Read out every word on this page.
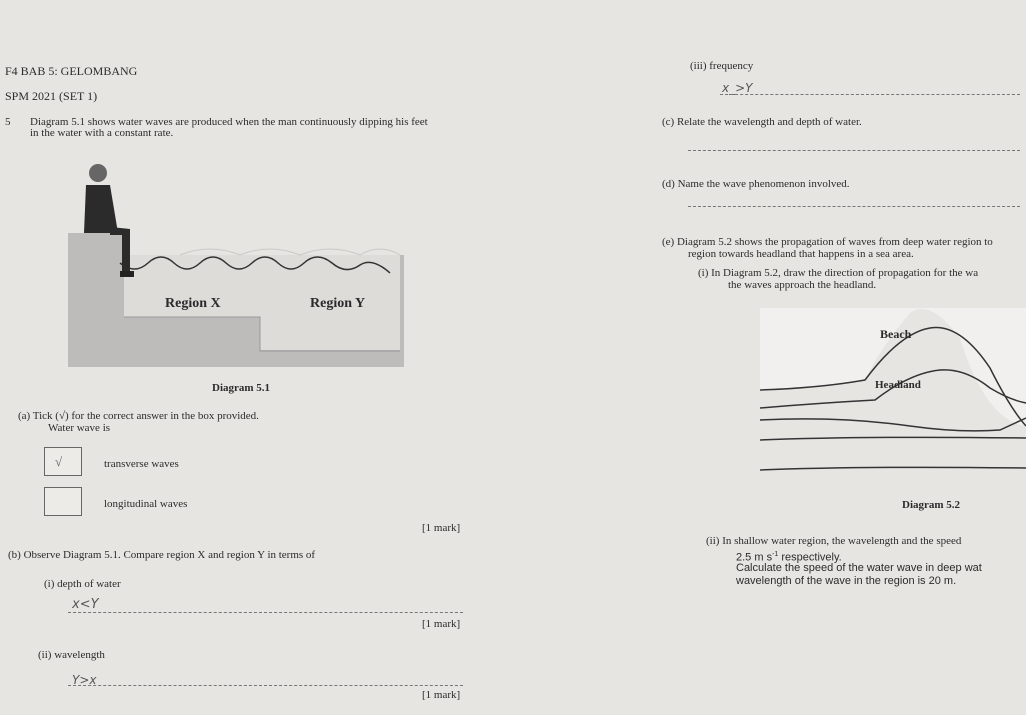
F4 BAB 5: GELOMBANG
SPM 2021 (SET 1)
5 Diagram 5.1 shows water waves are produced when the man continuously dipping his feet
in the water with a constant rate.
Region X	Region Y
Diagram 5.1
(a) Tick (√) for the correct answer in the box provided.
Water wave is
√	transverse waves
longitudinal waves
[1 mark]
(b) Observe Diagram 5.1. Compare region X and region Y in terms of
(i) depth of water
x<Y
[1 mark]
(ii) wavelength
Y>x
[1 mark]
(iii) frequency
x_>Y
(c) Relate the wavelength and depth of water.
(d) Name the wave phenomenon involved.
(e) Diagram 5.2 shows the propagation of waves from deep water region to
region towards headland that happens in a sea area.
(i) In Diagram 5.2, draw the direction of propagation for the wa
the waves approach the headland.
Beach
Headland
Diagram 5.2
(ii) In shallow water region, the wavelength and the speed
2.5 m $s^{-1}$ respectively.
Calculate the speed of the water wave in deep wat
wavelength of the wave in the region is 20 m.
